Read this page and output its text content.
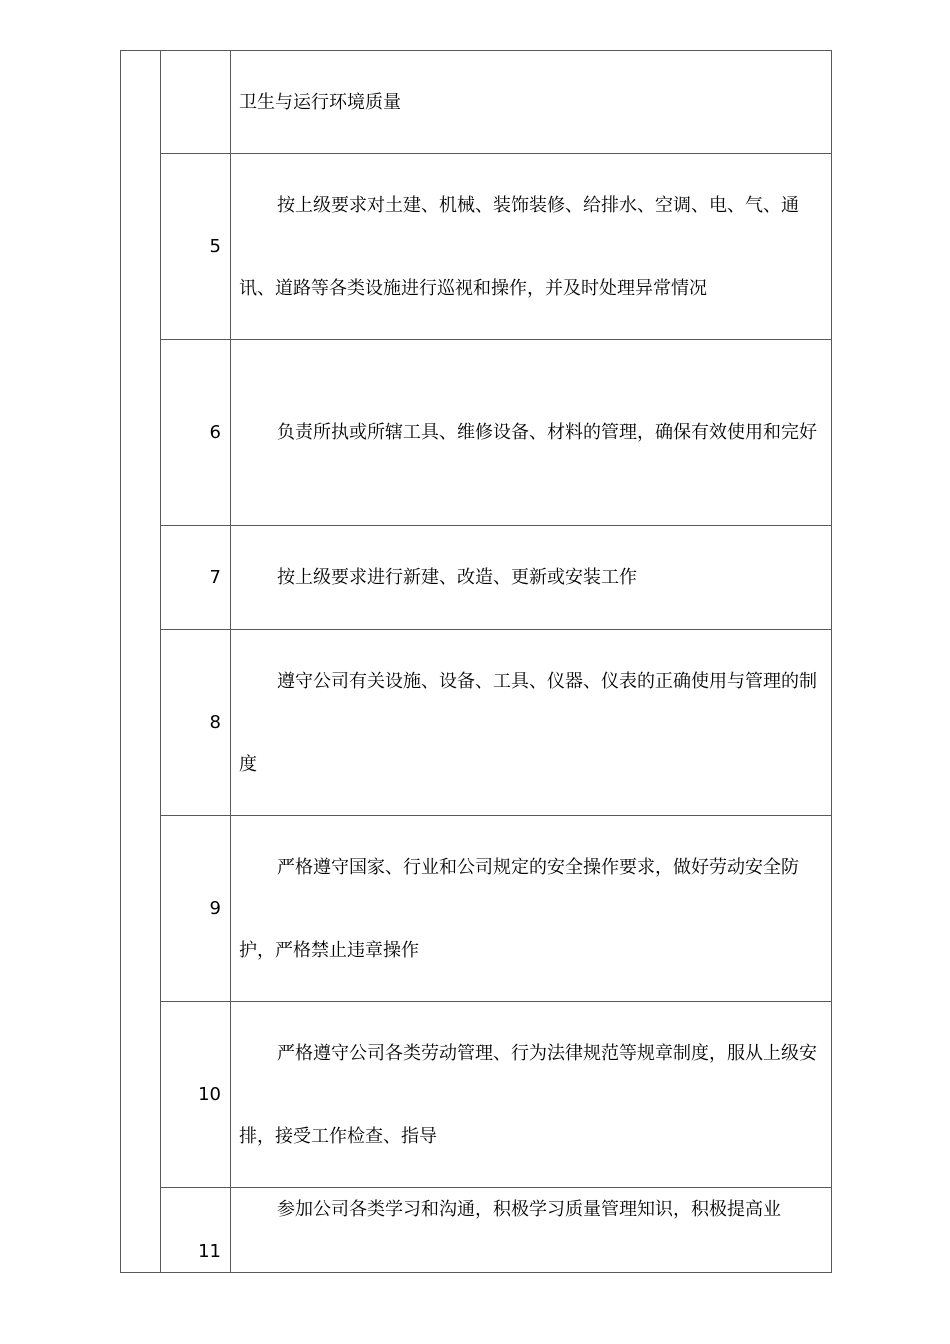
		卫生与运行环境质量

	5	按上级要求对土建、机械、装饰装修、给排水、空调、电、气、通讯、道路等各类设施进行巡视和操作，并及时处理异常情况

	6	负责所执或所辖工具、维修设备、材料的管理，确保有效使用和完好

	7	按上级要求进行新建、改造、更新或安装工作

	8	遵守公司有关设施、设备、工具、仪器、仪表的正确使用与管理的制度

	9	严格遵守国家、行业和公司规定的安全操作要求，做好劳动安全防护，严格禁止违章操作

	10	严格遵守公司各类劳动管理、行为法律规范等规章制度，服从上级安排，接受工作检查、指导

	11	参加公司各类学习和沟通，积极学习质量管理知识，积极提高业
